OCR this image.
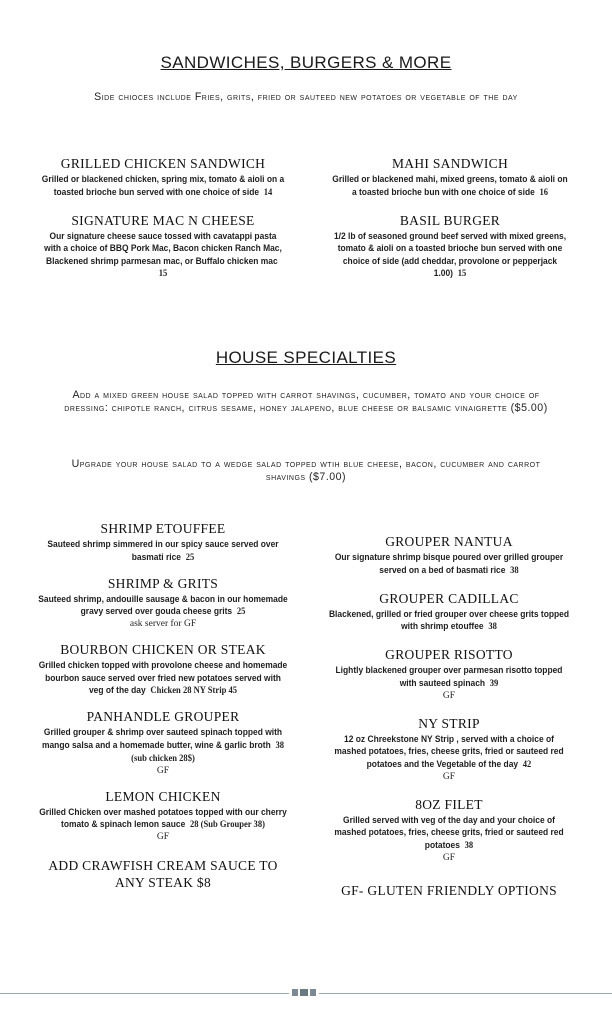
SANDWICHES, BURGERS & MORE
Side chioces include Fries, grits, fried or sauteed new potatoes or vegetable of the day
GRILLED CHICKEN SANDWICH
Grilled or blackened chicken, spring mix, tomato & aioli on a toasted brioche bun served with one choice of side 14
SIGNATURE MAC N CHEESE
Our signature cheese sauce tossed with cavatappi pasta with a choice of BBQ Pork Mac, Bacon chicken Ranch Mac, Blackened shrimp parmesan mac, or Buffalo chicken mac  15
MAHI SANDWICH
Grilled or blackened mahi, mixed greens, tomato & aioli on a toasted brioche bun with one choice of side 16
BASIL BURGER
1/2 lb of seasoned ground beef served with mixed greens, tomato & aioli on a toasted brioche bun served with one choice of side (add cheddar, provolone or pepperjack 1.00) 15
HOUSE SPECIALTIES
Add a mixed green house salad topped with carrot shavings, cucumber, tomato and your choice of dressing: chipotle ranch, citrus sesame, honey jalapeno, blue cheese or balsamic vinaigrette ($5.00)
Upgrade your house salad to a wedge salad topped wtih blue cheese, bacon, cucumber and carrot shavings ($7.00)
SHRIMP ETOUFFEE
Sauteed shrimp simmered in our spicy sauce served over basmati rice 25
SHRIMP & GRITS
Sauteed shrimp, andouille sausage & bacon in our homemade gravy served over gouda cheese grits 25
ask server for GF
BOURBON CHICKEN OR STEAK
Grilled chicken topped with provolone cheese and homemade bourbon sauce served over fried new potatoes served with veg of the day Chicken 28 NY Strip 45
PANHANDLE GROUPER
Grilled grouper & shrimp over sauteed spinach topped with mango salsa and a homemade butter, wine & garlic broth 38 (sub chicken 28$)
GF
LEMON CHICKEN
Grilled Chicken over mashed potatoes topped with our cherry tomato & spinach lemon sauce 28 (Sub Grouper 38)
GF
ADD CRAWFISH CREAM SAUCE TO ANY STEAK $8
GROUPER NANTUA
Our signature shrimp bisque poured over grilled grouper served on a bed of basmati rice 38
GROUPER CADILLAC
Blackened, grilled or fried grouper over cheese grits topped with shrimp etouffee 38
GROUPER RISOTTO
Lightly blackened grouper over parmesan risotto topped with sauteed spinach 39
GF
NY STRIP
12 oz Chreekstone NY Strip , served with a choice of mashed potatoes, fries, cheese grits, fried or sauteed red potatoes and the Vegetable of the day 42
GF
8OZ FILET
Grilled served with veg of the day and your choice of mashed potatoes, fries, cheese grits, fried or sauteed red potatoes 38
GF
GF- GLUTEN FRIENDLY OPTIONS
